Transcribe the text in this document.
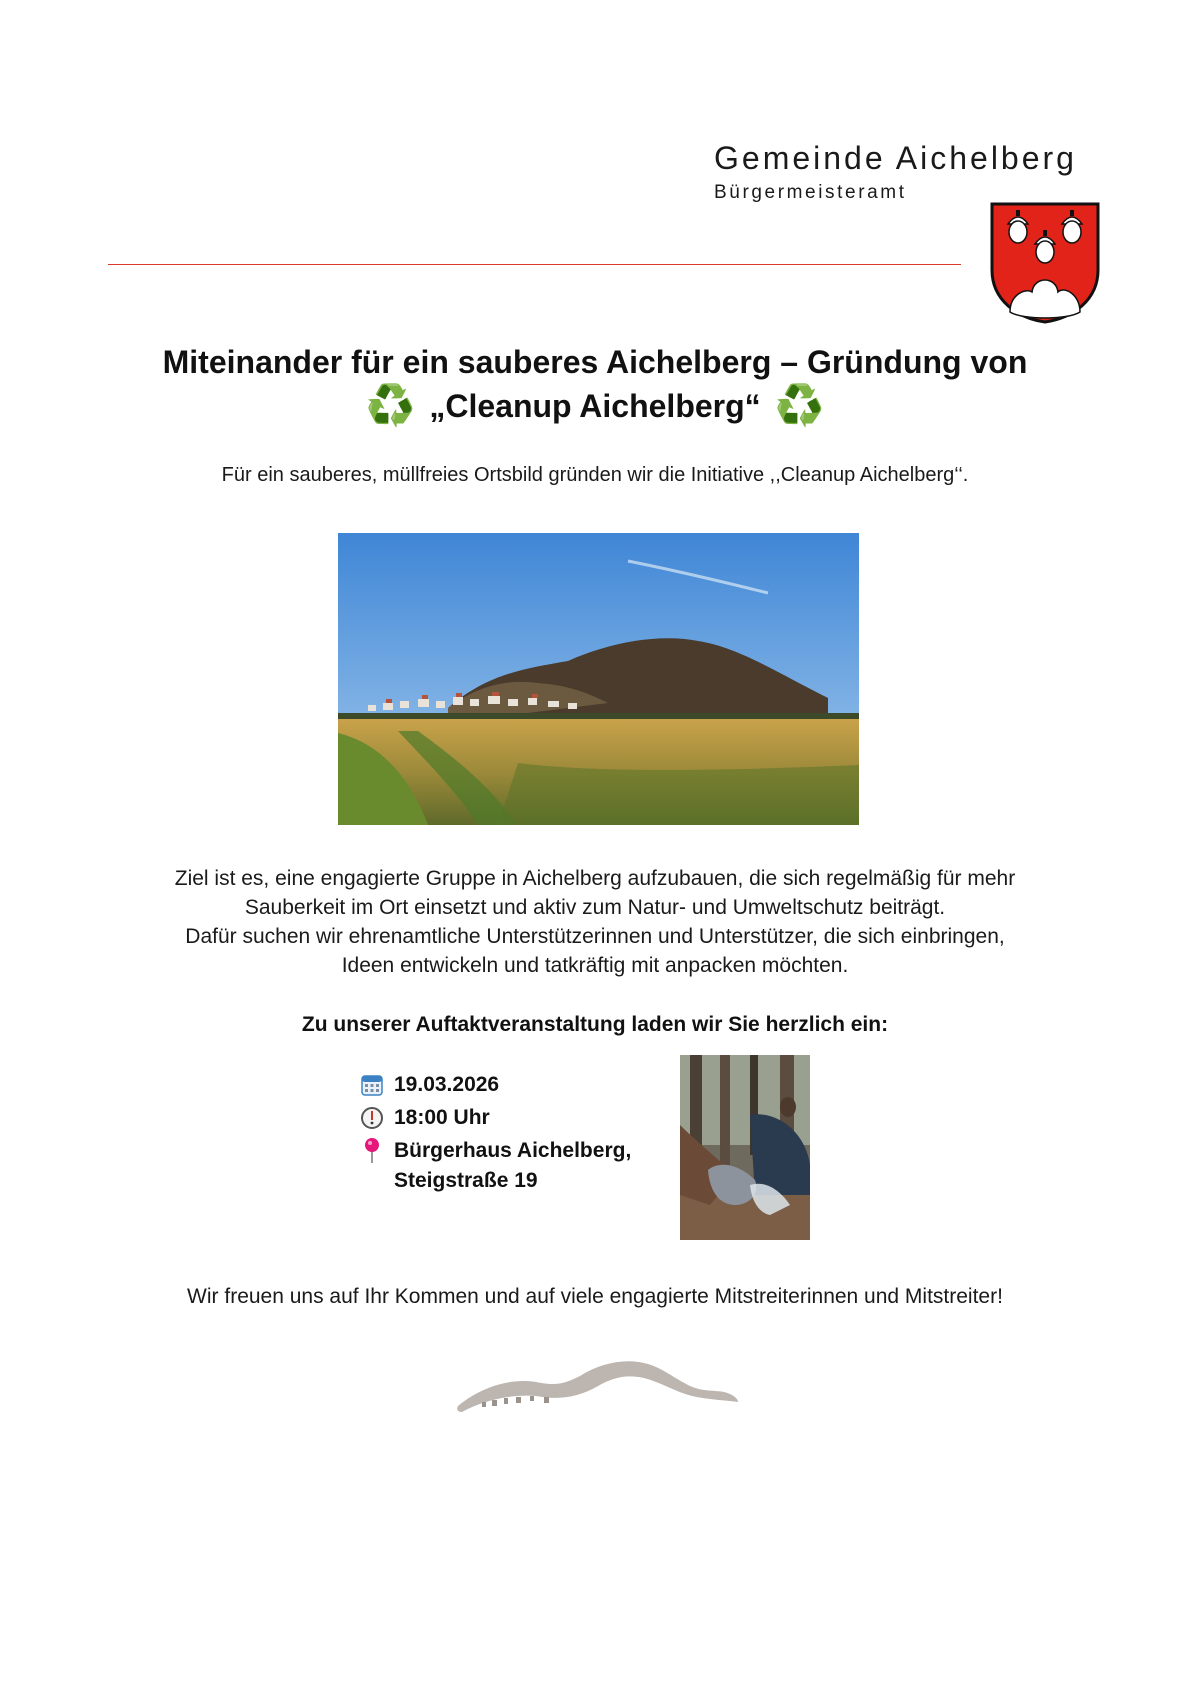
Gemeinde Aichelberg
Bürgermeisteramt
Miteinander für ein sauberes Aichelberg – Gründung von
♻️ „Cleanup Aichelberg“ ♻️
Für ein sauberes, müllfreies Ortsbild gründen wir die Initiative ,,Cleanup Aichelberg‘‘.

Ziel ist es, eine engagierte Gruppe in Aichelberg aufzubauen, die sich regelmäßig für mehr

Sauberkeit im Ort einsetzt und aktiv zum Natur- und Umweltschutz beiträgt.

Dafür suchen wir ehrenamtliche Unterstützerinnen und Unterstützer, die sich einbringen,

Ideen entwickeln und tatkräftig mit anpacken möchten.

Zu unserer Auftaktveranstaltung laden wir Sie herzlich ein:
19.03.2026
18:00 Uhr
Bürgerhaus Aichelberg,
Steigstraße 19
Wir freuen uns auf Ihr Kommen und auf viele engagierte Mitstreiterinnen und Mitstreiter!
